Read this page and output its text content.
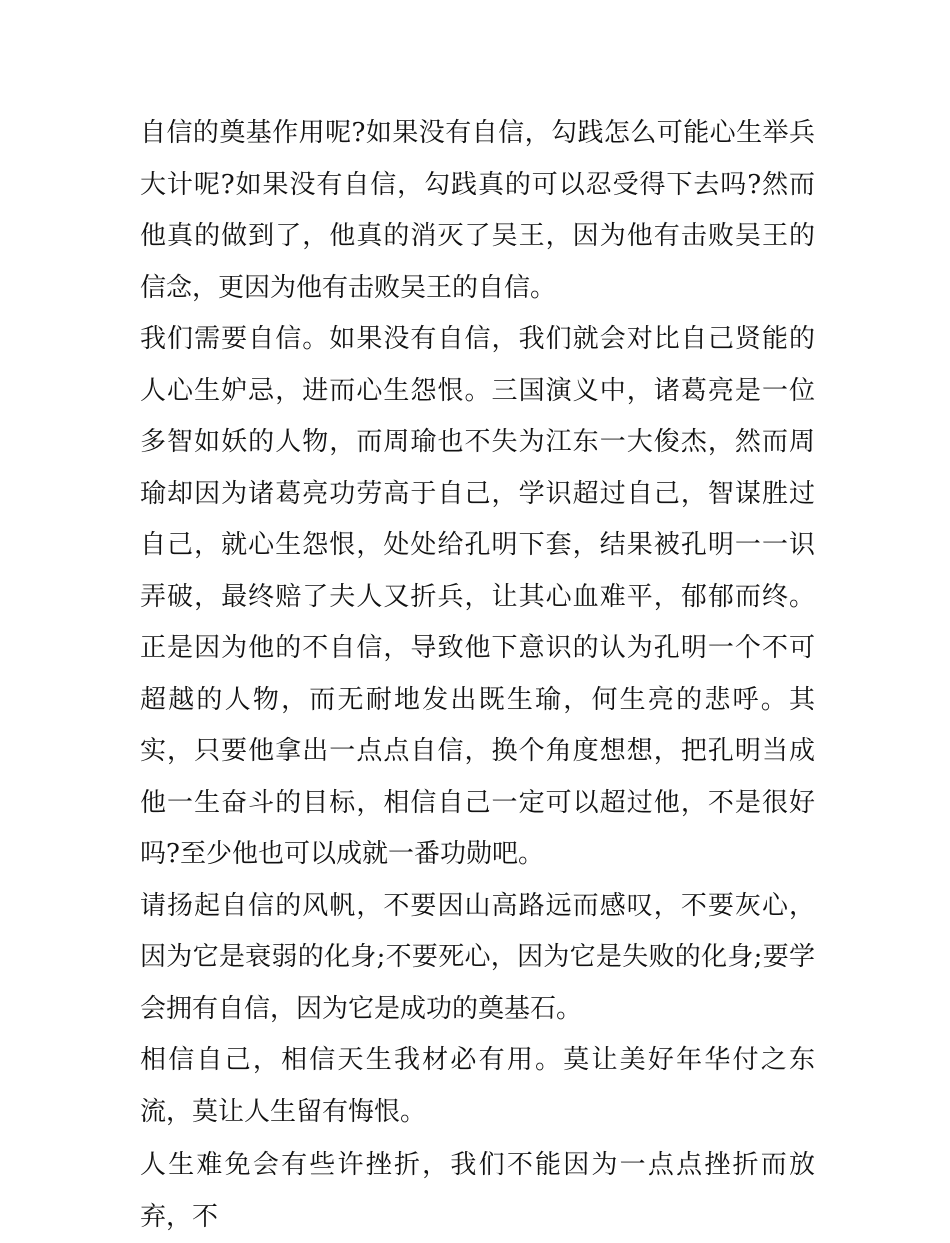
自信的奠基作用呢?如果没有自信，勾践怎么可能心生举兵大计呢?如果没有自信，勾践真的可以忍受得下去吗?然而他真的做到了，他真的消灭了吴王，因为他有击败吴王的信念，更因为他有击败吴王的自信。

我们需要自信。如果没有自信，我们就会对比自己贤能的人心生妒忌，进而心生怨恨。三国演义中，诸葛亮是一位多智如妖的人物，而周瑜也不失为江东一大俊杰，然而周瑜却因为诸葛亮功劳高于自己，学识超过自己，智谋胜过自己，就心生怨恨，处处给孔明下套，结果被孔明一一识弄破，最终赔了夫人又折兵，让其心血难平，郁郁而终。正是因为他的不自信，导致他下意识的认为孔明一个不可超越的人物，而无耐地发出既生瑜，何生亮的悲呼。其实，只要他拿出一点点自信，换个角度想想，把孔明当成他一生奋斗的目标，相信自己一定可以超过他，不是很好吗?至少他也可以成就一番功勋吧。

请扬起自信的风帆，不要因山高路远而感叹，不要灰心，因为它是衰弱的化身;不要死心，因为它是失败的化身;要学会拥有自信，因为它是成功的奠基石。

相信自己，相信天生我材必有用。莫让美好年华付之东流，莫让人生留有悔恨。

人生难免会有些许挫折，我们不能因为一点点挫折而放弃，不
